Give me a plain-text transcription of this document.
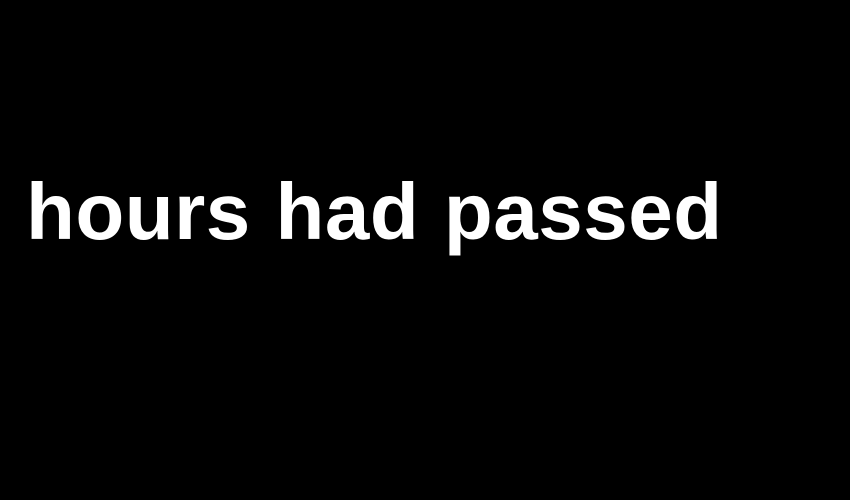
hours had passed
